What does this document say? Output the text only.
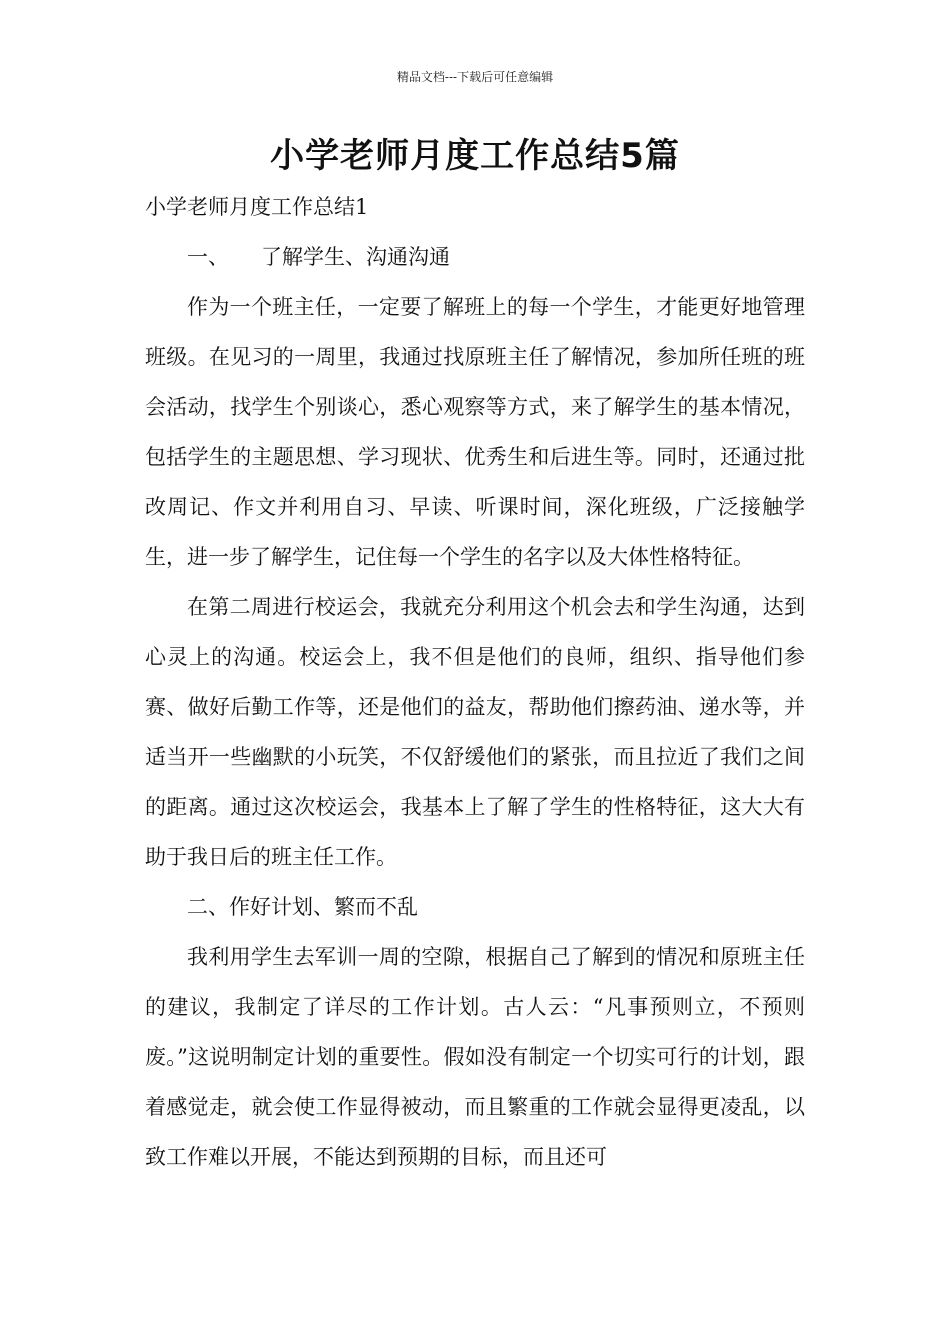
精品文档---下载后可任意编辑
小学老师月度工作总结5篇

小学老师月度工作总结1

一、 了解学生、沟通沟通

作为一个班主任，一定要了解班上的每一个学生，才能更好地管理班级。在见习的一周里，我通过找原班主任了解情况，参加所任班的班会活动，找学生个别谈心，悉心观察等方式，来了解学生的基本情况，包括学生的主题思想、学习现状、优秀生和后进生等。同时，还通过批改周记、作文并利用自习、早读、听课时间，深化班级，广泛接触学生，进一步了解学生，记住每一个学生的名字以及大体性格特征。

在第二周进行校运会，我就充分利用这个机会去和学生沟通，达到心灵上的沟通。校运会上，我不但是他们的良师，组织、指导他们参赛、做好后勤工作等，还是他们的益友，帮助他们擦药油、递水等，并适当开一些幽默的小玩笑，不仅舒缓他们的紧张，而且拉近了我们之间的距离。通过这次校运会，我基本上了解了学生的性格特征，这大大有助于我日后的班主任工作。

二、作好计划、繁而不乱

我利用学生去军训一周的空隙，根据自己了解到的情况和原班主任的建议，我制定了详尽的工作计划。古人云：“凡事预则立，不预则废。”这说明制定计划的重要性。假如没有制定一个切实可行的计划，跟着感觉走，就会使工作显得被动，而且繁重的工作就会显得更凌乱，以致工作难以开展，不能达到预期的目标，而且还可
